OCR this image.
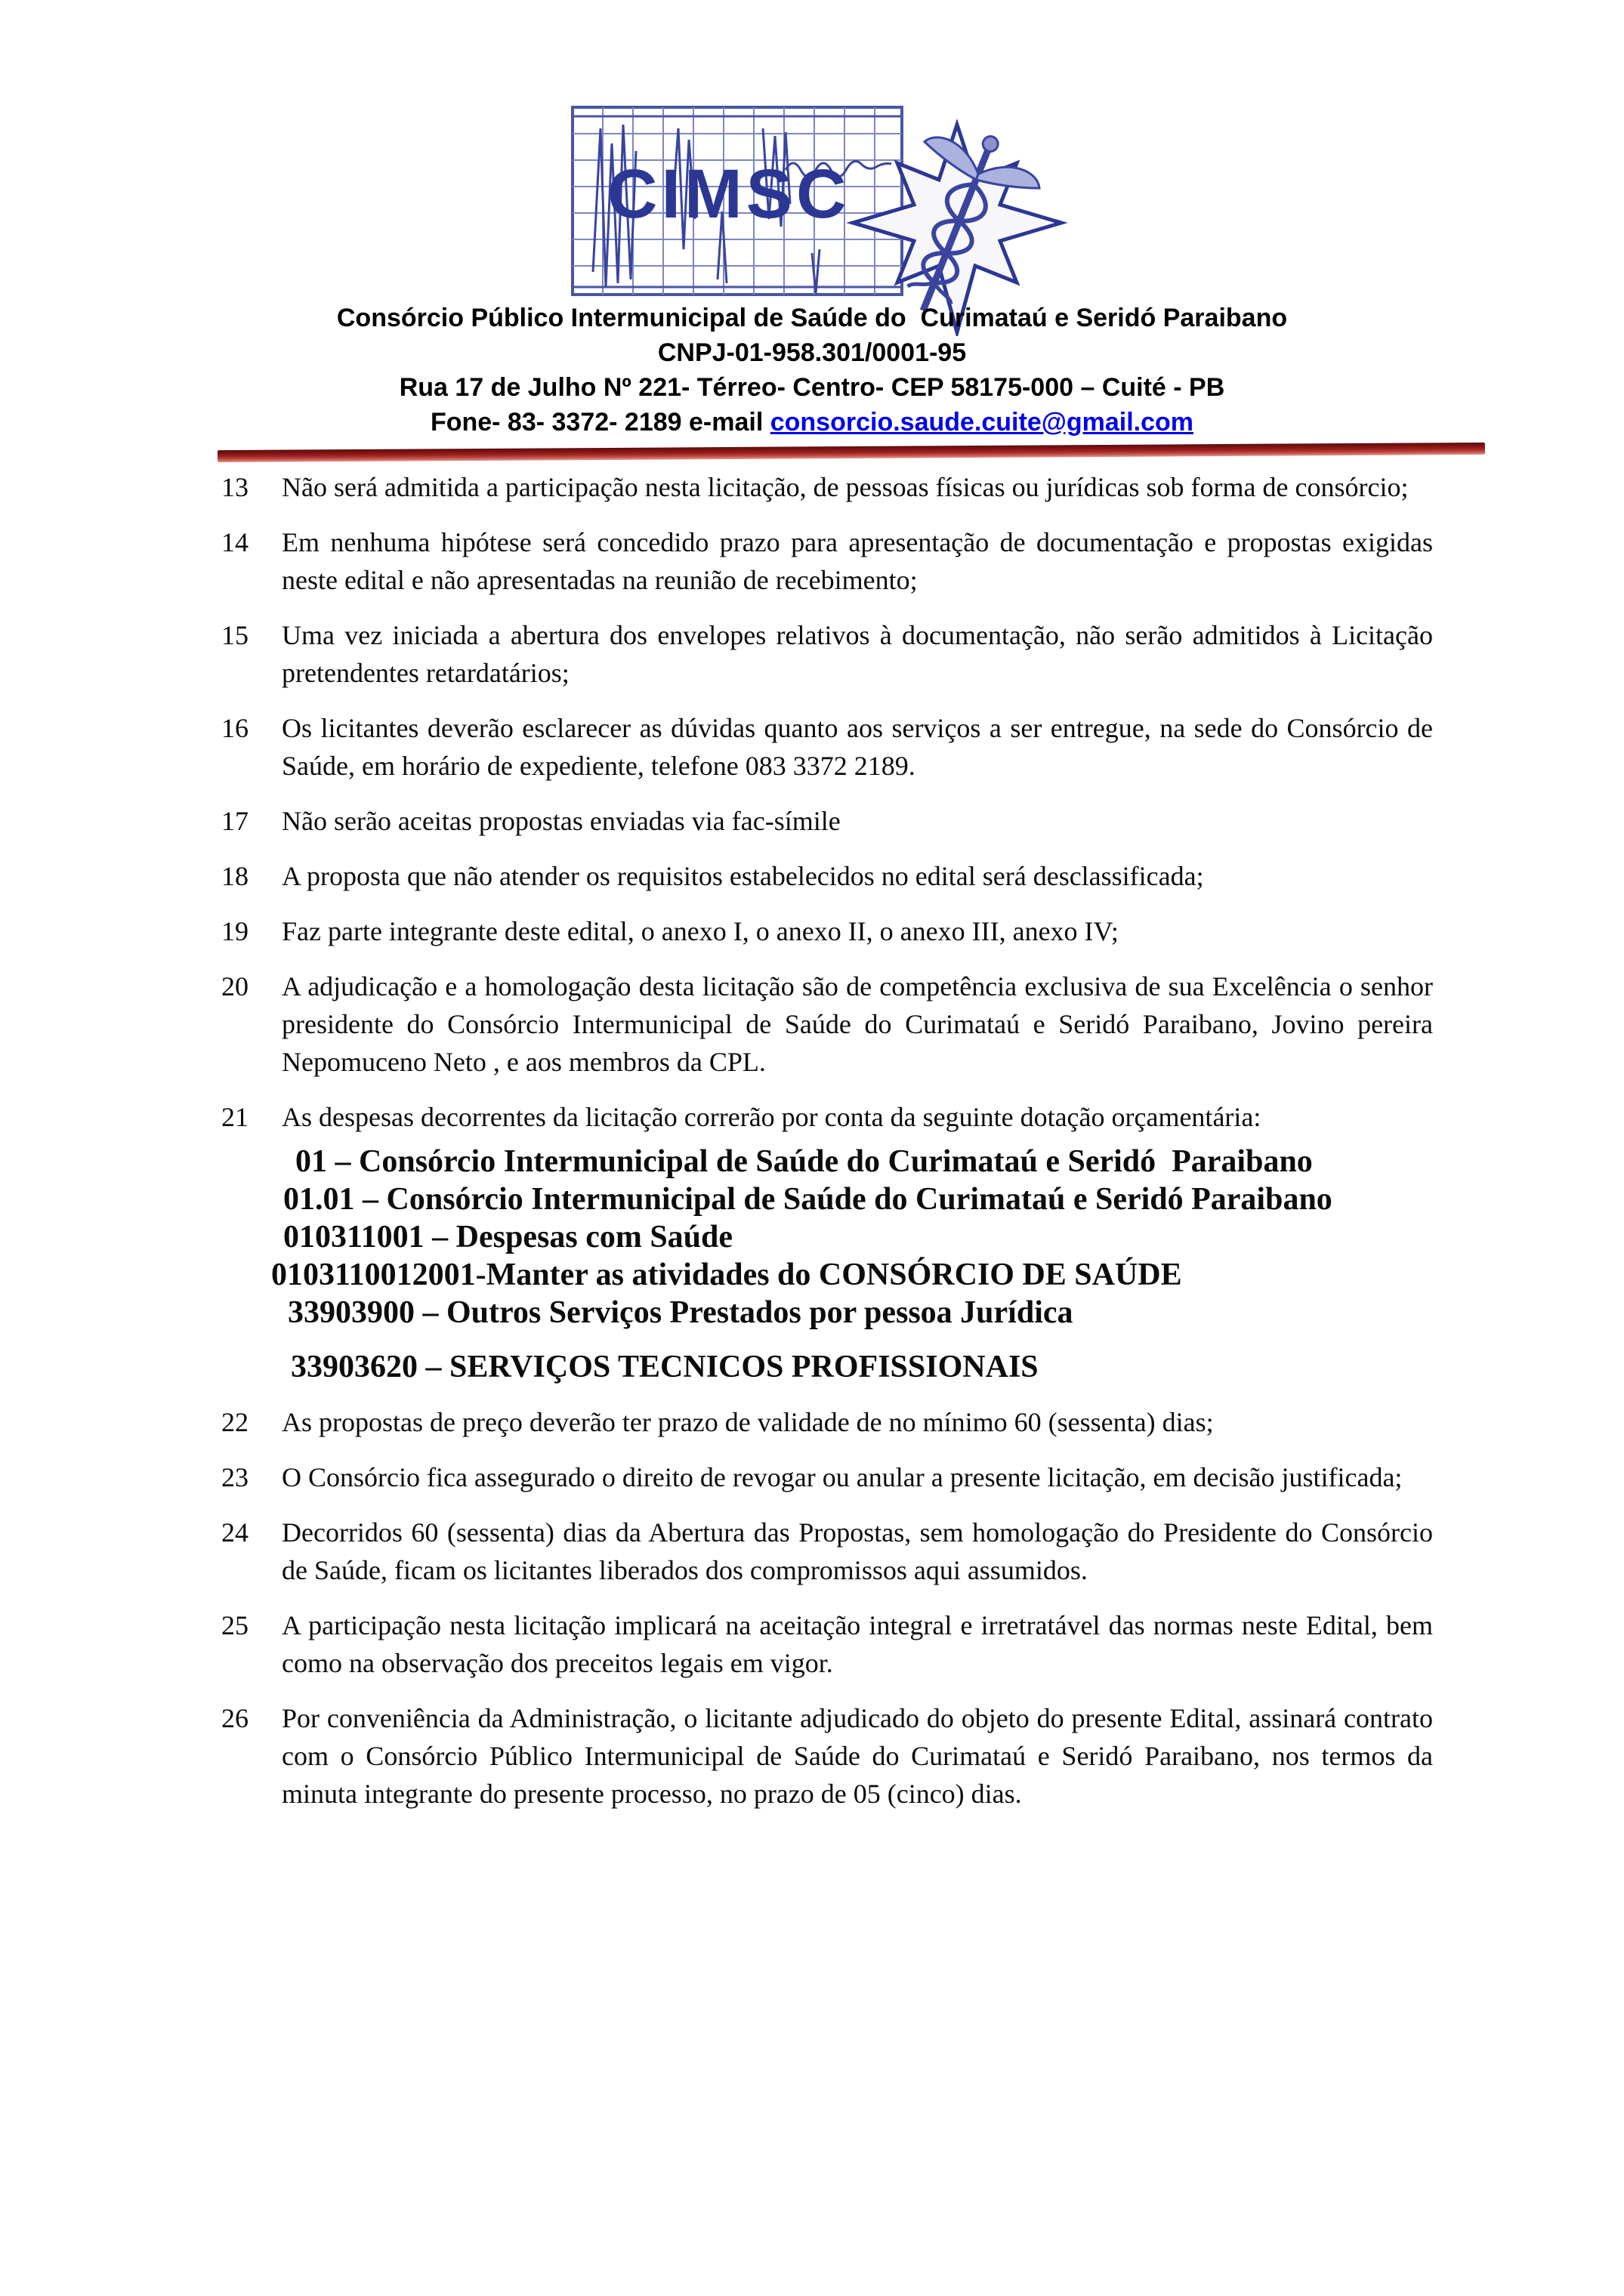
CIMSC
Consórcio Público Intermunicipal de Saúde do  Curimataú e Seridó Paraibano
CNPJ-01-958.301/0001-95
Rua 17 de Julho Nº 221- Térreo- Centro- CEP 58175-000 – Cuité - PB
Fone- 83- 3372- 2189 e-mail consorcio.saude.cuite@gmail.com
13 Não será admitida a participação nesta licitação, de pessoas físicas ou jurídicas sob forma de consórcio;
14 Em nenhuma hipótese será concedido prazo para apresentação de documentação e propostas exigidas neste edital e não apresentadas na reunião de recebimento;
15 Uma vez iniciada a abertura dos envelopes relativos à documentação, não serão admitidos à Licitação pretendentes retardatários;
16 Os licitantes deverão esclarecer as dúvidas quanto aos serviços a ser entregue, na sede do Consórcio de Saúde, em horário de expediente, telefone 083 3372 2189.
17 Não serão aceitas propostas enviadas via fac-símile
18 A proposta que não atender os requisitos estabelecidos no edital será desclassificada;
19 Faz parte integrante deste edital, o anexo I, o anexo II, o anexo III, anexo IV;
20 A adjudicação e a homologação desta licitação são de competência exclusiva de sua Excelência o senhor presidente do Consórcio Intermunicipal de Saúde do Curimataú e Seridó Paraibano, Jovino pereira Nepomuceno Neto , e aos membros da CPL.
21 As despesas decorrentes da licitação correrão por conta da seguinte dotação orçamentária:
01 – Consórcio Intermunicipal de Saúde do Curimataú e Seridó  Paraibano
01.01 – Consórcio Intermunicipal de Saúde do Curimataú e Seridó Paraibano
010311001 – Despesas com Saúde
0103110012001-Manter as atividades do CONSÓRCIO DE SAÚDE
33903900 – Outros Serviços Prestados por pessoa Jurídica
33903620 – SERVIÇOS TECNICOS PROFISSIONAIS
22 As propostas de preço deverão ter prazo de validade de no mínimo 60 (sessenta) dias;
23 O Consórcio fica assegurado o direito de revogar ou anular a presente licitação, em decisão justificada;
24 Decorridos 60 (sessenta) dias da Abertura das Propostas, sem homologação do Presidente do Consórcio de Saúde, ficam os licitantes liberados dos compromissos aqui assumidos.
25 A participação nesta licitação implicará na aceitação integral e irretratável das normas neste Edital, bem como na observação dos preceitos legais em vigor.
26 Por conveniência da Administração, o licitante adjudicado do objeto do presente Edital, assinará contrato com o Consórcio Público Intermunicipal de Saúde do Curimataú e Seridó Paraibano, nos termos da minuta integrante do presente processo, no prazo de 05 (cinco) dias.
